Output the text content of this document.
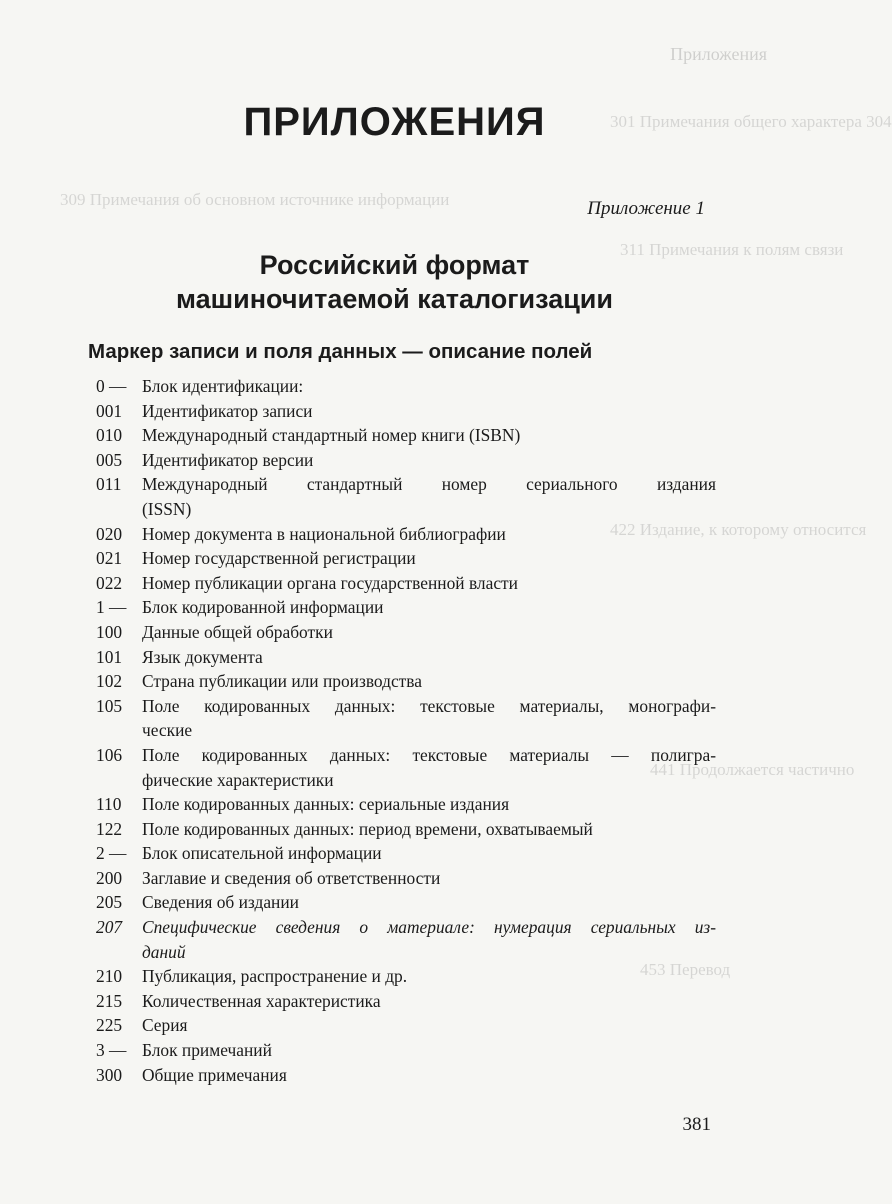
301 Примечания общего характера 304
309 Примечания об основном источнике информации
311 Примечания к полям связи
422 Издание, к которому относится
441 Продолжается частично
453 Перевод
Приложения
ПРИЛОЖЕНИЯ
Приложение 1
Российский формат
машиночитаемой каталогизации
Маркер записи и поля данных — описание полей
0 — Блок идентификации:
001	Идентификатор записи
010	Международный стандартный номер книги (ISBN)
005	Идентификатор версии
011	Международный стандартный номер сериального издания
(ISSN)
020	Номер документа в национальной библиографии
021	Номер государственной регистрации
022	Номер публикации органа государственной власти
1 — Блок кодированной информации
100	Данные общей обработки
101	Язык документа
102	Страна публикации или производства
105	Поле кодированных данных: текстовые материалы, монографи-
ческие
106	Поле кодированных данных: текстовые материалы — полигра-
фические характеристики
110	Поле кодированных данных: сериальные издания
122	Поле кодированных данных: период времени, охватываемый
2 — Блок описательной информации
200	Заглавие и сведения об ответственности
205	Сведения об издании
207	Специфические сведения о материале: нумерация сериальных из-
даний
210	Публикация, распространение и др.
215	Количественная характеристика
225	Серия
3 — Блок примечаний
300	Общие примечания
381
